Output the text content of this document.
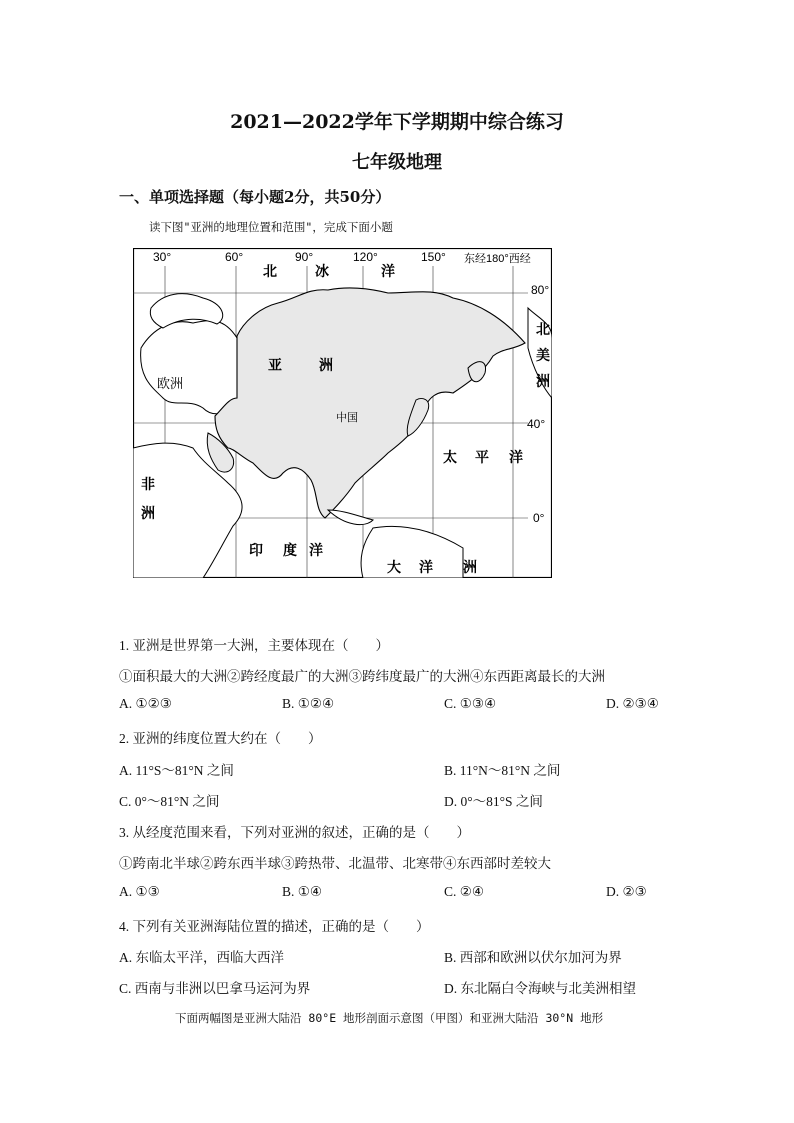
2021—2022学年下学期期中综合练习
七年级地理
一、单项选择题（每小题2分，共50分）
读下图"亚洲的地理位置和范围"，完成下面小题
30°	60°	90°	120°	150° 东经180°西经
80°
40°
0°
北	冰	洋
北
美
洲
亚	洲
欧洲
中国
太 平 洋
非
洲
印 度 洋
大 洋 洲
1. 亚洲是世界第一大洲，主要体现在（　　）
①面积最大的大洲②跨经度最广的大洲③跨纬度最广的大洲④东西距离最长的大洲
A. ①②③	B. ①②④	C. ①③④	D. ②③④
2. 亚洲的纬度位置大约在（　　）
A. 11°S～81°N 之间	B. 11°N～81°N 之间
C. 0°～81°N 之间	D. 0°～81°S 之间
3. 从经度范围来看，下列对亚洲的叙述，正确的是（　　）
①跨南北半球②跨东西半球③跨热带、北温带、北寒带④东西部时差较大
A. ①③	B. ①④	C. ②④	D. ②③
4. 下列有关亚洲海陆位置的描述，正确的是（　　）
A. 东临太平洋，西临大西洋	B. 西部和欧洲以伏尔加河为界
C. 西南与非洲以巴拿马运河为界	D. 东北隔白令海峡与北美洲相望
下面两幅图是亚洲大陆沿 80°E 地形剖面示意图（甲图）和亚洲大陆沿 30°N 地形
